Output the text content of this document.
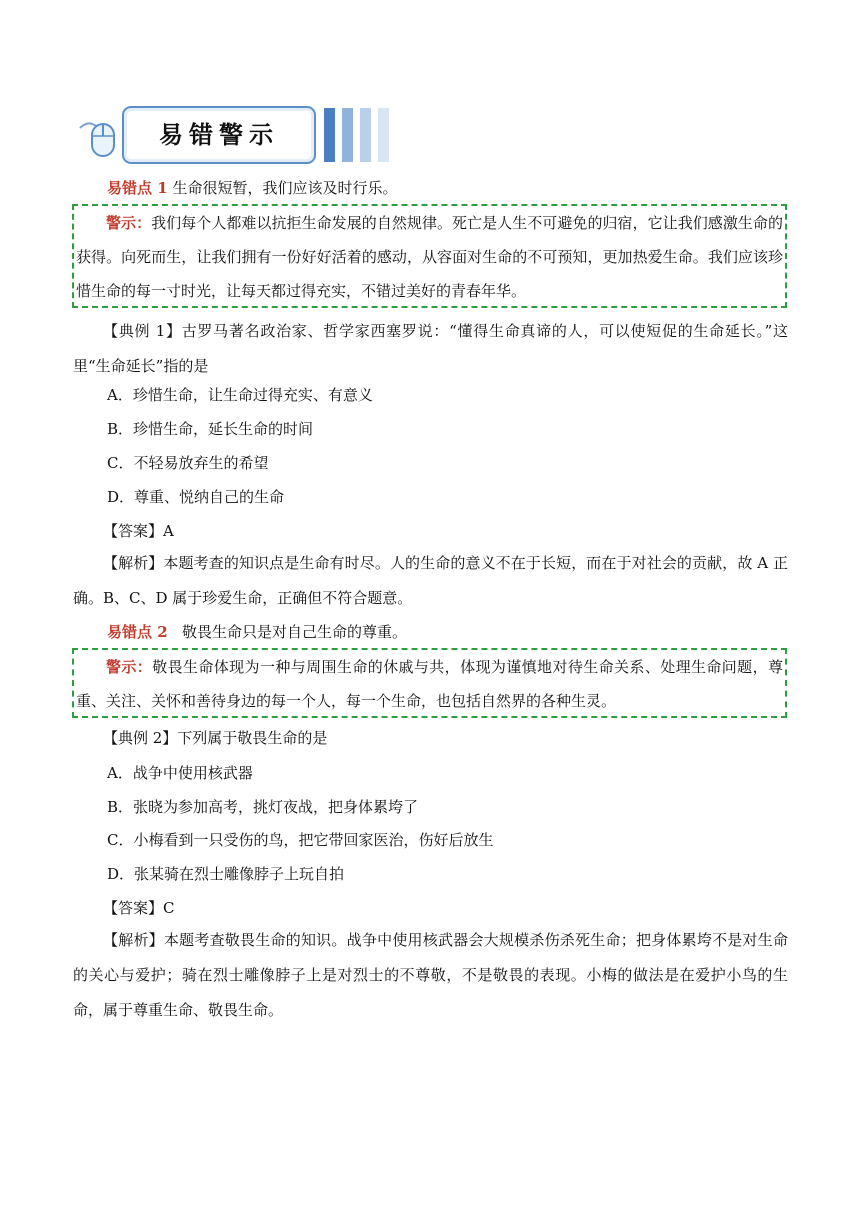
易错警示
易错点 1 生命很短暂，我们应该及时行乐。
警示：我们每个人都难以抗拒生命发展的自然规律。死亡是人生不可避免的归宿，它让我们感激生命的获得。向死而生，让我们拥有一份好好活着的感动，从容面对生命的不可预知，更加热爱生命。我们应该珍惜生命的每一寸时光，让每天都过得充实，不错过美好的青春年华。
【典例 1】古罗马著名政治家、哲学家西塞罗说：“懂得生命真谛的人，可以使短促的生命延长。”这里“生命延长”指的是
A．珍惜生命，让生命过得充实、有意义
B．珍惜生命，延长生命的时间
C．不轻易放弃生的希望
D．尊重、悦纳自己的生命
【答案】A
【解析】本题考查的知识点是生命有时尽。人的生命的意义不在于长短，而在于对社会的贡献，故 A 正确。B、C、D 属于珍爱生命，正确但不符合题意。
易错点 2 敬畏生命只是对自己生命的尊重。
警示：敬畏生命体现为一种与周围生命的休戚与共，体现为谨慎地对待生命关系、处理生命问题，尊重、关注、关怀和善待身边的每一个人，每一个生命，也包括自然界的各种生灵。
【典例 2】下列属于敬畏生命的是
A．战争中使用核武器
B．张晓为参加高考，挑灯夜战，把身体累垮了
C．小梅看到一只受伤的鸟，把它带回家医治，伤好后放生
D．张某骑在烈士雕像脖子上玩自拍
【答案】C
【解析】本题考查敬畏生命的知识。战争中使用核武器会大规模杀伤杀死生命；把身体累垮不是对生命的关心与爱护；骑在烈士雕像脖子上是对烈士的不尊敬，不是敬畏的表现。小梅的做法是在爱护小鸟的生命，属于尊重生命、敬畏生命。
